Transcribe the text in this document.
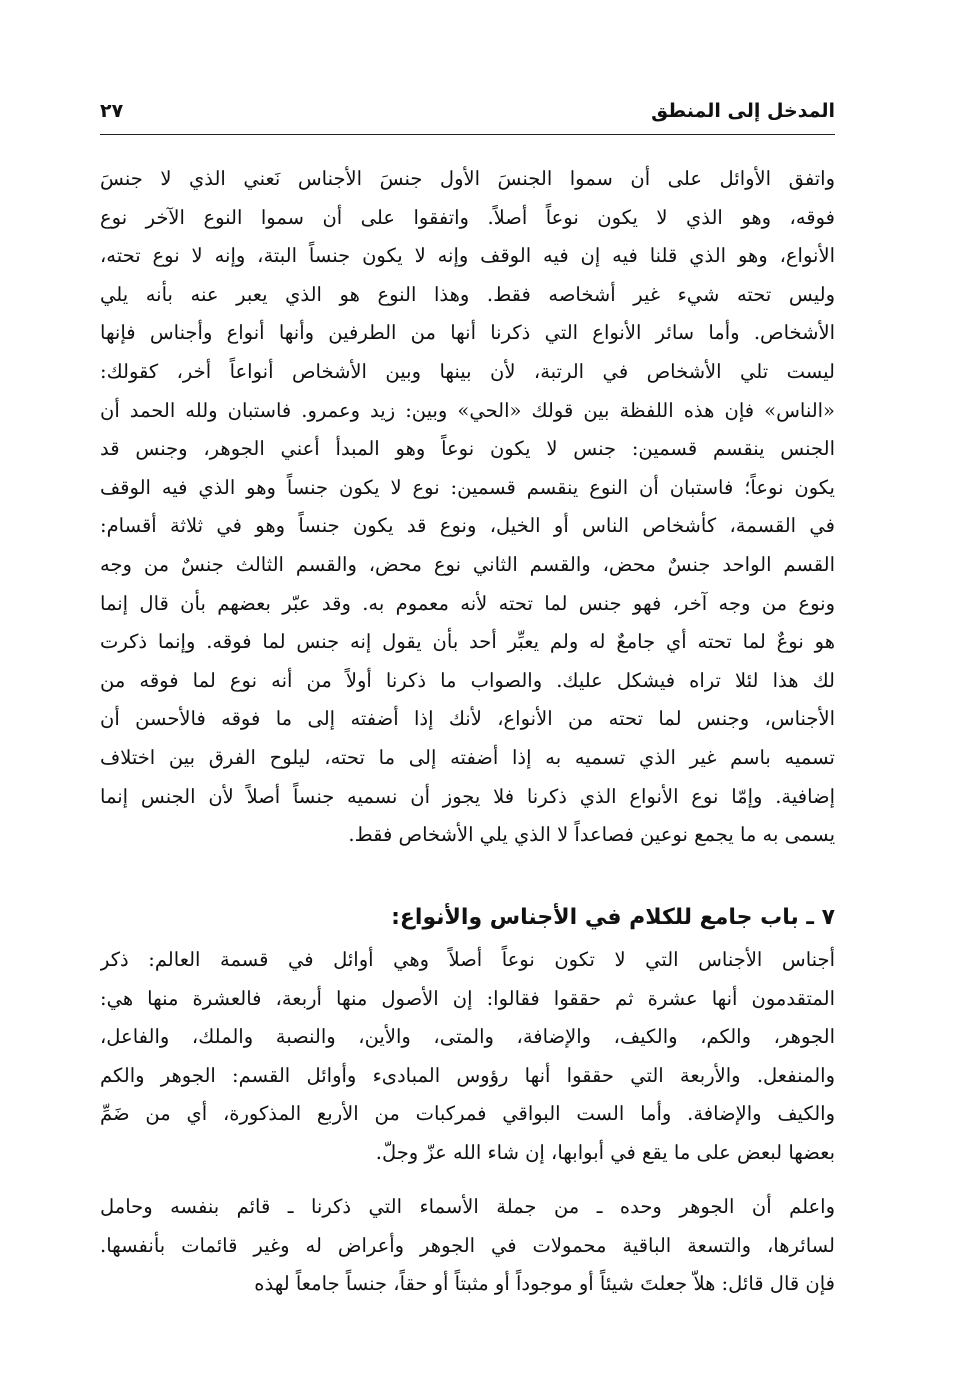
المدخل إلى المنطق
٢٧
واتفق الأوائل على أن سموا الجنسَ الأول جنسَ الأجناس نَعني الذي لا جنسَ
فوقه، وهو الذي لا يكون نوعاً أصلاً. واتفقوا على أن سموا النوع الآخر نوع
الأنواع، وهو الذي قلنا فيه إن فيه الوقف وإنه لا يكون جنساً البتة، وإنه لا نوع تحته،
وليس تحته شيء غير أشخاصه فقط. وهذا النوع هو الذي يعبر عنه بأنه يلي
الأشخاص. وأما سائر الأنواع التي ذكرنا أنها من الطرفين وأنها أنواع وأجناس فإنها
ليست تلي الأشخاص في الرتبة، لأن بينها وبين الأشخاص أنواعاً أخر، كقولك:
«الناس» فإن هذه اللفظة بين قولك «الحي» وبين: زيد وعمرو. فاستبان ولله الحمد أن
الجنس ينقسم قسمين: جنس لا يكون نوعاً وهو المبدأ أعني الجوهر، وجنس قد
يكون نوعاً؛ فاستبان أن النوع ينقسم قسمين: نوع لا يكون جنساً وهو الذي فيه الوقف
في القسمة، كأشخاص الناس أو الخيل، ونوع قد يكون جنساً وهو في ثلاثة أقسام:
القسم الواحد جنسٌ محض، والقسم الثاني نوع محض، والقسم الثالث جنسٌ من وجه
ونوع من وجه آخر، فهو جنس لما تحته لأنه معموم به. وقد عبّر بعضهم بأن قال إنما
هو نوعٌ لما تحته أي جامعٌ له ولم يعبِّر أحد بأن يقول إنه جنس لما فوقه. وإنما ذكرت
لك هذا لئلا تراه فيشكل عليك. والصواب ما ذكرنا أولاً من أنه نوع لما فوقه من
الأجناس، وجنس لما تحته من الأنواع، لأنك إذا أضفته إلى ما فوقه فالأحسن أن
تسميه باسم غير الذي تسميه به إذا أضفته إلى ما تحته، ليلوح الفرق بين اختلاف
إضافية. وإمّا نوع الأنواع الذي ذكرنا فلا يجوز أن نسميه جنساً أصلاً لأن الجنس إنما
يسمى به ما يجمع نوعين فصاعداً لا الذي يلي الأشخاص فقط.
٧ ـ باب جامع للكلام في الأجناس والأنواع:
أجناس الأجناس التي لا تكون نوعاً أصلاً وهي أوائل في قسمة العالم: ذكر
المتقدمون أنها عشرة ثم حققوا فقالوا: إن الأصول منها أربعة، فالعشرة منها هي:
الجوهر، والكم، والكيف، والإضافة، والمتى، والأين، والنصبة والملك، والفاعل،
والمنفعل. والأربعة التي حققوا أنها رؤوس المبادىء وأوائل القسم: الجوهر والكم
والكيف والإضافة. وأما الست البواقي فمركبات من الأربع المذكورة، أي من ضَمِّ
بعضها لبعض على ما يقع في أبوابها، إن شاء الله عزّ وجلّ.
واعلم أن الجوهر وحده ـ من جملة الأسماء التي ذكرنا ـ قائم بنفسه وحامل
لسائرها، والتسعة الباقية محمولات في الجوهر وأعراض له وغير قائمات بأنفسها.
فإن قال قائل: هلاّ جعلتَ شيئاً أو موجوداً أو مثبتاً أو حقاً، جنساً جامعاً لهذه
